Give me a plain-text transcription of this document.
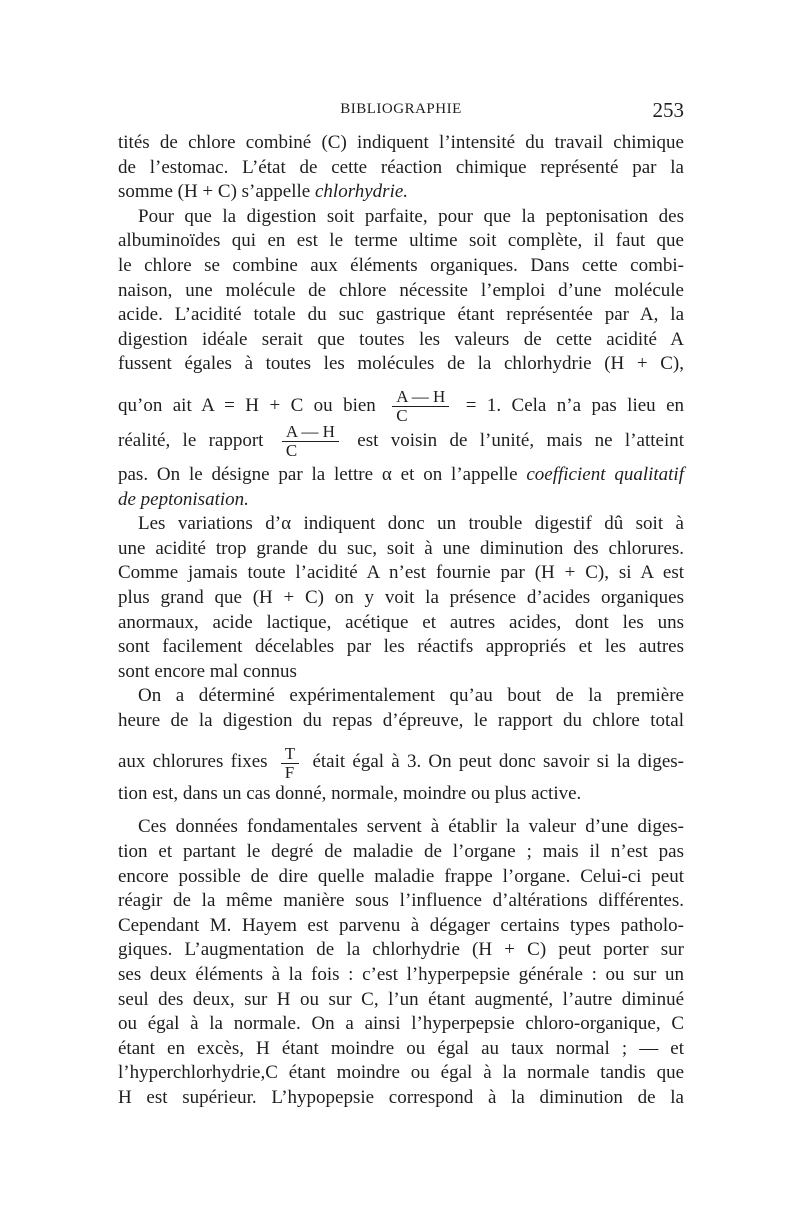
BIBLIOGRAPHIE	253
tités de chlore combiné (C) indiquent l’intensité du travail chimique
de l’estomac. L’état de cette réaction chimique représenté par la
somme (H + C) s’appelle chlorhydrie.
Pour que la digestion soit parfaite, pour que la peptonisation des
albuminoïdes qui en est le terme ultime soit complète, il faut que
le chlore se combine aux éléments organiques. Dans cette combi-
naison, une molécule de chlore nécessite l’emploi d’une molécule
acide. L’acidité totale du suc gastrique étant représentée par A, la
digestion idéale serait que toutes les valeurs de cette acidité A
fussent égales à toutes les molécules de la chlorhydrie (H + C),
qu’on ait A = H + C ou bien $\frac{A — H}{C} = 1$. Cela n’a pas lieu en
réalité, le rapport $\frac{A — H}{C}$ est voisin de l’unité, mais ne l’atteint
pas. On le désigne par la lettre α et on l’appelle coefficient qualitatif
de peptonisation.
Les variations d’α indiquent donc un trouble digestif dû soit à
une acidité trop grande du suc, soit à une diminution des chlorures.
Comme jamais toute l’acidité A n’est fournie par (H + C), si A est
plus grand que (H + C) on y voit la présence d’acides organiques
anormaux, acide lactique, acétique et autres acides, dont les uns
sont facilement décelables par les réactifs appropriés et les autres
sont encore mal connus
On a déterminé expérimentalement qu’au bout de la première
heure de la digestion du repas d’épreuve, le rapport du chlore total
aux chlorures fixes $\frac{T}{F}$ était égal à 3. On peut donc savoir si la diges-
tion est, dans un cas donné, normale, moindre ou plus active.
Ces données fondamentales servent à établir la valeur d’une diges-
tion et partant le degré de maladie de l’organe ; mais il n’est pas
encore possible de dire quelle maladie frappe l’organe. Celui-ci peut
réagir de la même manière sous l’influence d’altérations différentes.
Cependant M. Hayem est parvenu à dégager certains types patholo-
giques. L’augmentation de la chlorhydrie (H + C) peut porter sur
ses deux éléments à la fois : c’est l’hyperpepsie générale : ou sur un
seul des deux, sur H ou sur C, l’un étant augmenté, l’autre diminué
ou égal à la normale. On a ainsi l’hyperpepsie chloro-organique, C
étant en excès, H étant moindre ou égal au taux normal ; — et
l’hyperchlorhydrie,C étant moindre ou égal à la normale tandis que
H est supérieur. L’hypopepsie correspond à la diminution de la
